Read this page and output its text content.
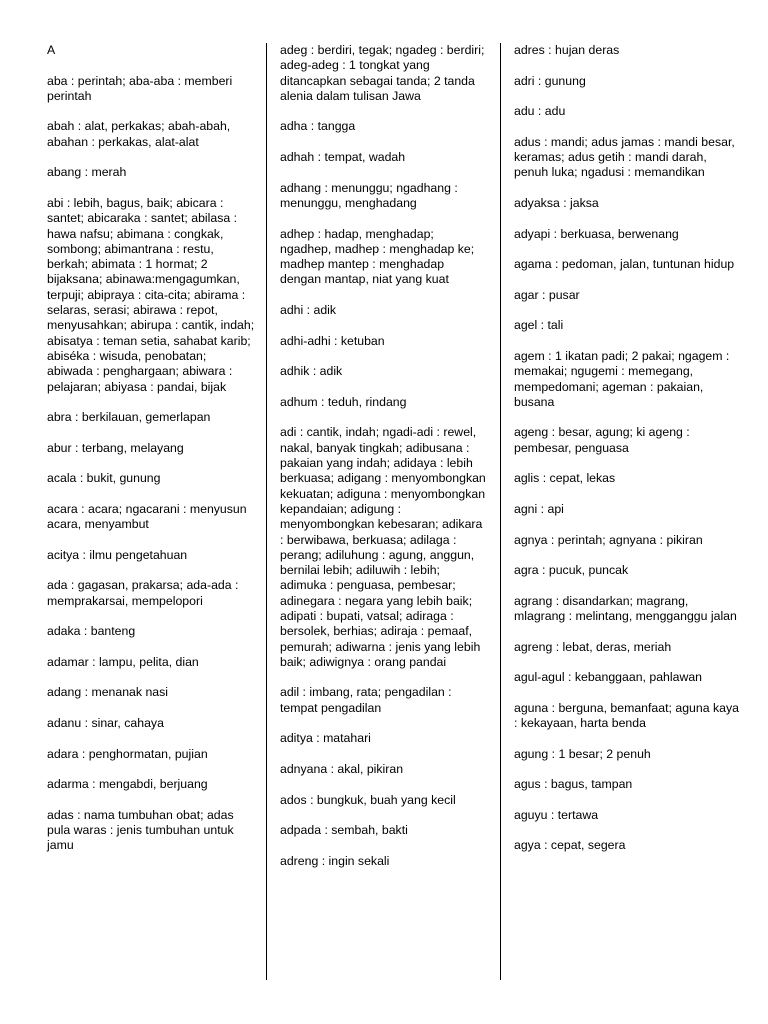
A
aba : perintah; aba-aba : memberi perintah
abah : alat, perkakas; abah-abah, abahan : perkakas, alat-alat
abang : merah
abi : lebih, bagus, baik; abicara : santet; abicaraka : santet; abilasa : hawa nafsu; abimana : congkak, sombong; abimantrana : restu, berkah; abimata : 1 hormat; 2 bijaksana; abinawa:mengagumkan, terpuji; abipraya : cita-cita; abirama : selaras, serasi; abirawa : repot, menyusahkan; abirupa : cantik, indah; abisatya : teman setia, sahabat karib; abiséka : wisuda, penobatan; abiwada : penghargaan; abiwara : pelajaran; abiyasa : pandai, bijak
abra : berkilauan, gemerlapan
abur : terbang, melayang
acala : bukit, gunung
acara : acara; ngacarani : menyusun acara, menyambut
acitya : ilmu pengetahuan
ada : gagasan, prakarsa; ada-ada : memprakarsai, mempelopori
adaka : banteng
adamar : lampu, pelita, dian
adang : menanak nasi
adanu : sinar, cahaya
adara : penghormatan, pujian
adarma : mengabdi, berjuang
adas : nama tumbuhan obat; adas pula waras : jenis tumbuhan untuk jamu
adeg : berdiri, tegak; ngadeg : berdiri; adeg-adeg : 1 tongkat yang ditancapkan sebagai tanda; 2 tanda alenia dalam tulisan Jawa
adha : tangga
adhah : tempat, wadah
adhang : menunggu; ngadhang : menunggu, menghadang
adhep : hadap, menghadap; ngadhep, madhep : menghadap ke; madhep mantep : menghadap dengan mantap, niat yang kuat
adhi : adik
adhi-adhi : ketuban
adhik : adik
adhum : teduh, rindang
adi : cantik, indah; ngadi-adi : rewel, nakal, banyak tingkah; adibusana : pakaian yang indah; adidaya : lebih berkuasa; adigang : menyombongkan kekuatan; adiguna : menyombongkan kepandaian; adigung : menyombongkan kebesaran; adikara : berwibawa, berkuasa; adilaga : perang; adiluhung : agung, anggun, bernilai lebih; adiluwih : lebih; adimuka : penguasa, pembesar; adinegara : negara yang lebih baik; adipati : bupati, vatsal; adiraga : bersolek, berhias; adiraja : pemaaf, pemurah; adiwarna : jenis yang lebih baik; adiwignya : orang pandai
adil : imbang, rata; pengadilan : tempat pengadilan
aditya : matahari
adnyana : akal, pikiran
ados : bungkuk, buah yang kecil
adpada : sembah, bakti
adreng : ingin sekali
adres : hujan deras
adri : gunung
adu : adu
adus : mandi; adus jamas : mandi besar, keramas; adus getih : mandi darah, penuh luka; ngadusi : memandikan
adyaksa : jaksa
adyapi : berkuasa, berwenang
agama : pedoman, jalan, tuntunan hidup
agar : pusar
agel : tali
agem : 1 ikatan padi; 2 pakai; ngagem : memakai; ngugemi : memegang, mempedomani; ageman : pakaian, busana
ageng : besar, agung; ki ageng : pembesar, penguasa
aglis : cepat, lekas
agni : api
agnya : perintah; agnyana : pikiran
agra : pucuk, puncak
agrang : disandarkan; magrang, mlagrang : melintang, mengganggu jalan
agreng : lebat, deras, meriah
agul-agul : kebanggaan, pahlawan
aguna : berguna, bemanfaat; aguna kaya : kekayaan, harta benda
agung : 1 besar; 2 penuh
agus : bagus, tampan
aguyu : tertawa
agya : cepat, segera
